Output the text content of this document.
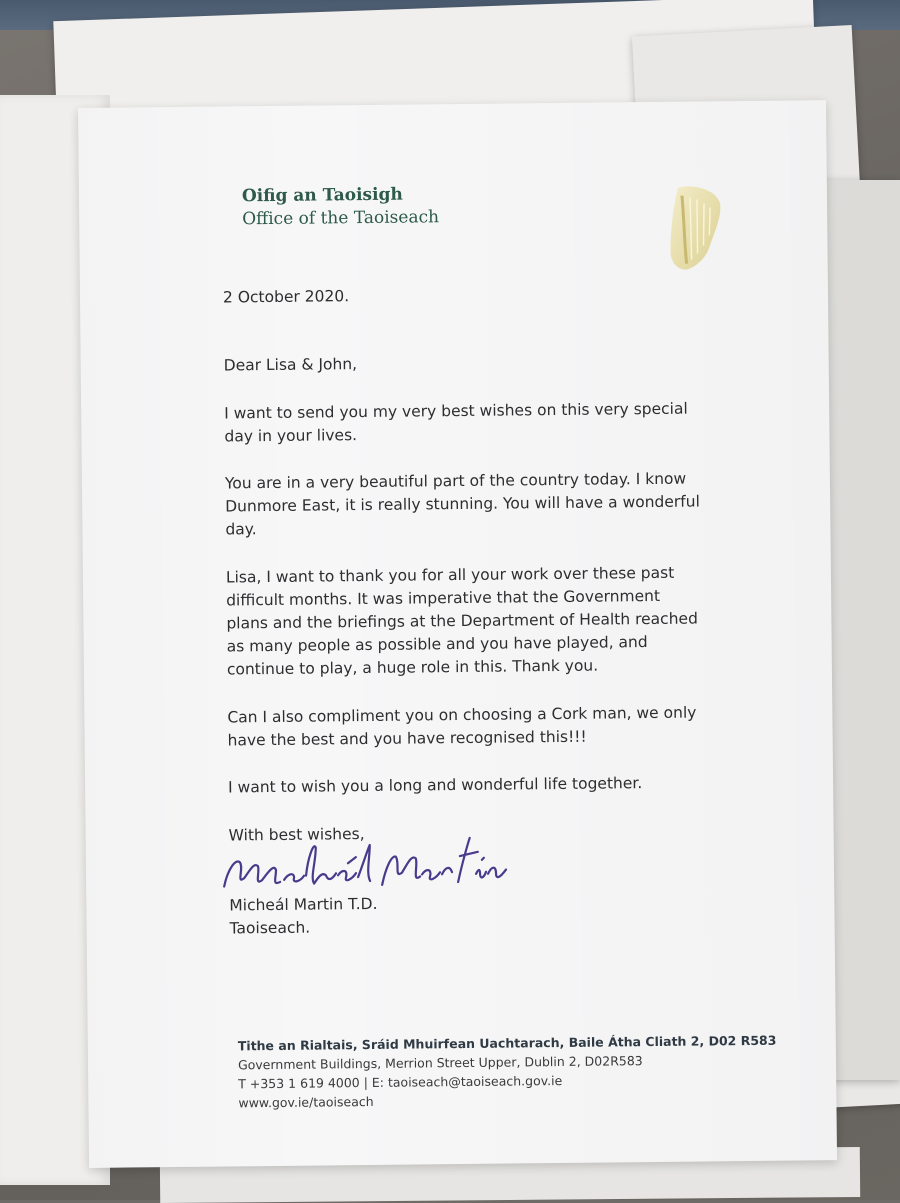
Oifig an Taoisigh
Office of the Taoiseach
2 October 2020.
Dear Lisa & John,
I want to send you my very best wishes on this very special
day in your lives.
You are in a very beautiful part of the country today. I know
Dunmore East, it is really stunning. You will have a wonderful
day.
Lisa, I want to thank you for all your work over these past
difficult months. It was imperative that the Government
plans and the briefings at the Department of Health reached
as many people as possible and you have played, and
continue to play, a huge role in this. Thank you.
Can I also compliment you on choosing a Cork man, we only
have the best and you have recognised this!!!
I want to wish you a long and wonderful life together.
With best wishes,
Micheál Martin T.D.
Taoiseach.
Tithe an Rialtais, Sráid Mhuirfean Uachtarach, Baile Átha Cliath 2, D02 R583
Government Buildings, Merrion Street Upper, Dublin 2, D02R583
T +353 1 619 4000 | E: taoiseach@taoiseach.gov.ie
www.gov.ie/taoiseach
